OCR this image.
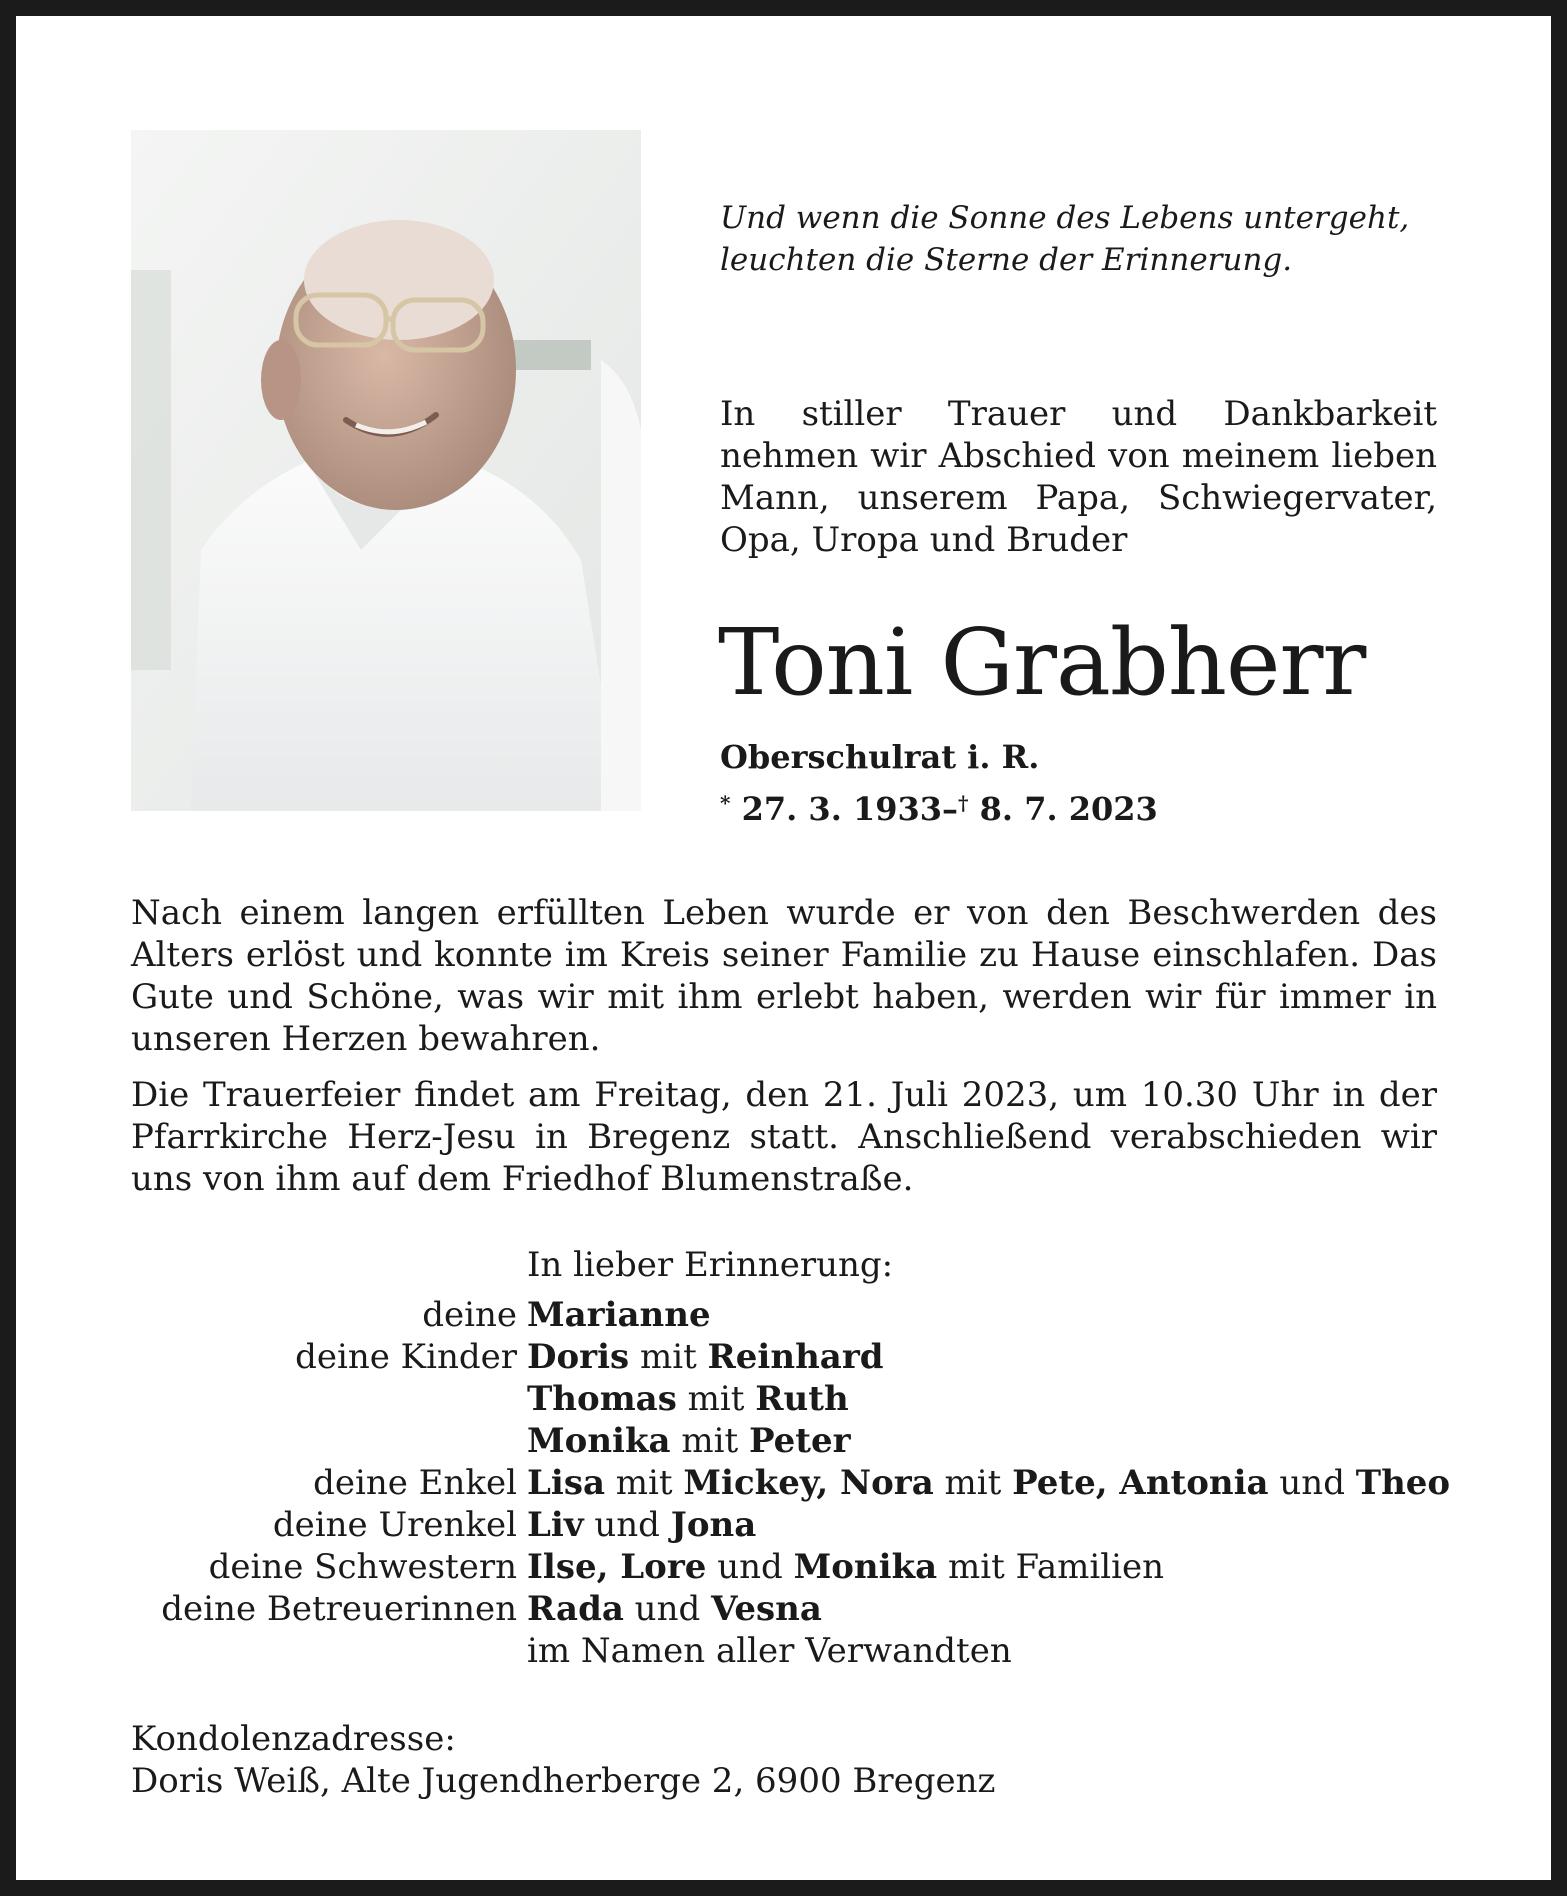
Und wenn die Sonne des Lebens untergeht,
leuchten die Sterne der Erinnerung.
In stiller Trauer und Dankbarkeit nehmen wir Abschied von meinem lieben Mann, unserem Papa, Schwiegervater, Opa, Uropa und Bruder
Toni Grabherr
Oberschulrat i. R.
* 27. 3. 1933–† 8. 7. 2023
Nach einem langen erfüllten Leben wurde er von den Beschwerden des Alters erlöst und konnte im Kreis seiner Familie zu Hause einschlafen. Das Gute und Schöne, was wir mit ihm erlebt haben, werden wir für immer in unseren Herzen bewahren.
Die Trauerfeier findet am Freitag, den 21. Juli 2023, um 10.30 Uhr in der Pfarrkirche Herz-Jesu in Bregenz statt. Anschließend verabschieden wir uns von ihm auf dem Friedhof Blumenstraße.
In lieber Erinnerung:
deine Marianne
deine Kinder Doris mit Reinhard
Thomas mit Ruth
Monika mit Peter
deine Enkel Lisa mit Mickey, Nora mit Pete, Antonia und Theo
deine Urenkel Liv und Jona
deine Schwestern Ilse, Lore und Monika mit Familien
deine Betreuerinnen Rada und Vesna
im Namen aller Verwandten
Kondolenzadresse:
Doris Weiß, Alte Jugendherberge 2, 6900 Bregenz
